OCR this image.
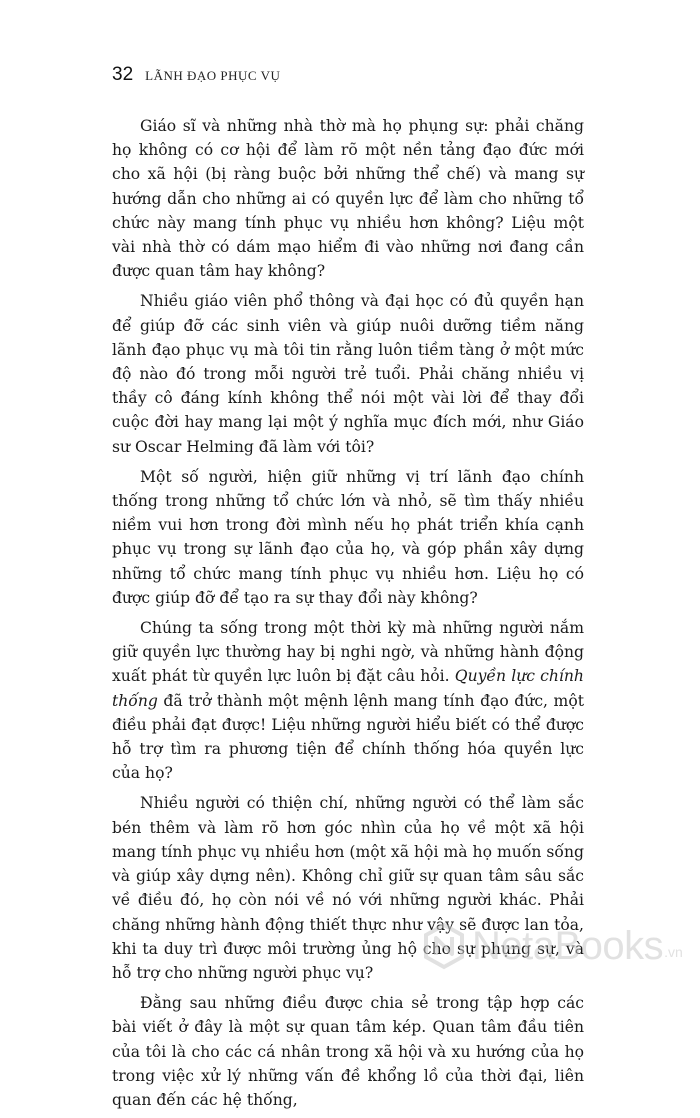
32 LÃNH ĐẠO PHỤC VỤ

Giáo sĩ và những nhà thờ mà họ phụng sự: phải chăng họ không có cơ hội để làm rõ một nền tảng đạo đức mới cho xã hội (bị ràng buộc bởi những thể chế) và mang sự hướng dẫn cho những ai có quyền lực để làm cho những tổ chức này mang tính phục vụ nhiều hơn không? Liệu một vài nhà thờ có dám mạo hiểm đi vào những nơi đang cần được quan tâm hay không?

Nhiều giáo viên phổ thông và đại học có đủ quyền hạn để giúp đỡ các sinh viên và giúp nuôi dưỡng tiềm năng lãnh đạo phục vụ mà tôi tin rằng luôn tiềm tàng ở một mức độ nào đó trong mỗi người trẻ tuổi. Phải chăng nhiều vị thầy cô đáng kính không thể nói một vài lời để thay đổi cuộc đời hay mang lại một ý nghĩa mục đích mới, như Giáo sư Oscar Helming đã làm với tôi?

Một số người, hiện giữ những vị trí lãnh đạo chính thống trong những tổ chức lớn và nhỏ, sẽ tìm thấy nhiều niềm vui hơn trong đời mình nếu họ phát triển khía cạnh phục vụ trong sự lãnh đạo của họ, và góp phần xây dựng những tổ chức mang tính phục vụ nhiều hơn. Liệu họ có được giúp đỡ để tạo ra sự thay đổi này không?

Chúng ta sống trong một thời kỳ mà những người nắm giữ quyền lực thường hay bị nghi ngờ, và những hành động xuất phát từ quyền lực luôn bị đặt câu hỏi. Quyền lực chính thống đã trở thành một mệnh lệnh mang tính đạo đức, một điều phải đạt được! Liệu những người hiểu biết có thể được hỗ trợ tìm ra phương tiện để chính thống hóa quyền lực của họ?

Nhiều người có thiện chí, những người có thể làm sắc bén thêm và làm rõ hơn góc nhìn của họ về một xã hội mang tính phục vụ nhiều hơn (một xã hội mà họ muốn sống và giúp xây dựng nên). Không chỉ giữ sự quan tâm sâu sắc về điều đó, họ còn nói về nó với những người khác. Phải chăng những hành động thiết thực như vậy sẽ được lan tỏa, khi ta duy trì được môi trường ủng hộ cho sự phụng sự, và hỗ trợ cho những người phục vụ?

Đằng sau những điều được chia sẻ trong tập hợp các bài viết ở đây là một sự quan tâm kép. Quan tâm đầu tiên của tôi là cho các cá nhân trong xã hội và xu hướng của họ trong việc xử lý những vấn đề khổng lồ của thời đại, liên quan đến các hệ thống,

NetaBooks .vn
